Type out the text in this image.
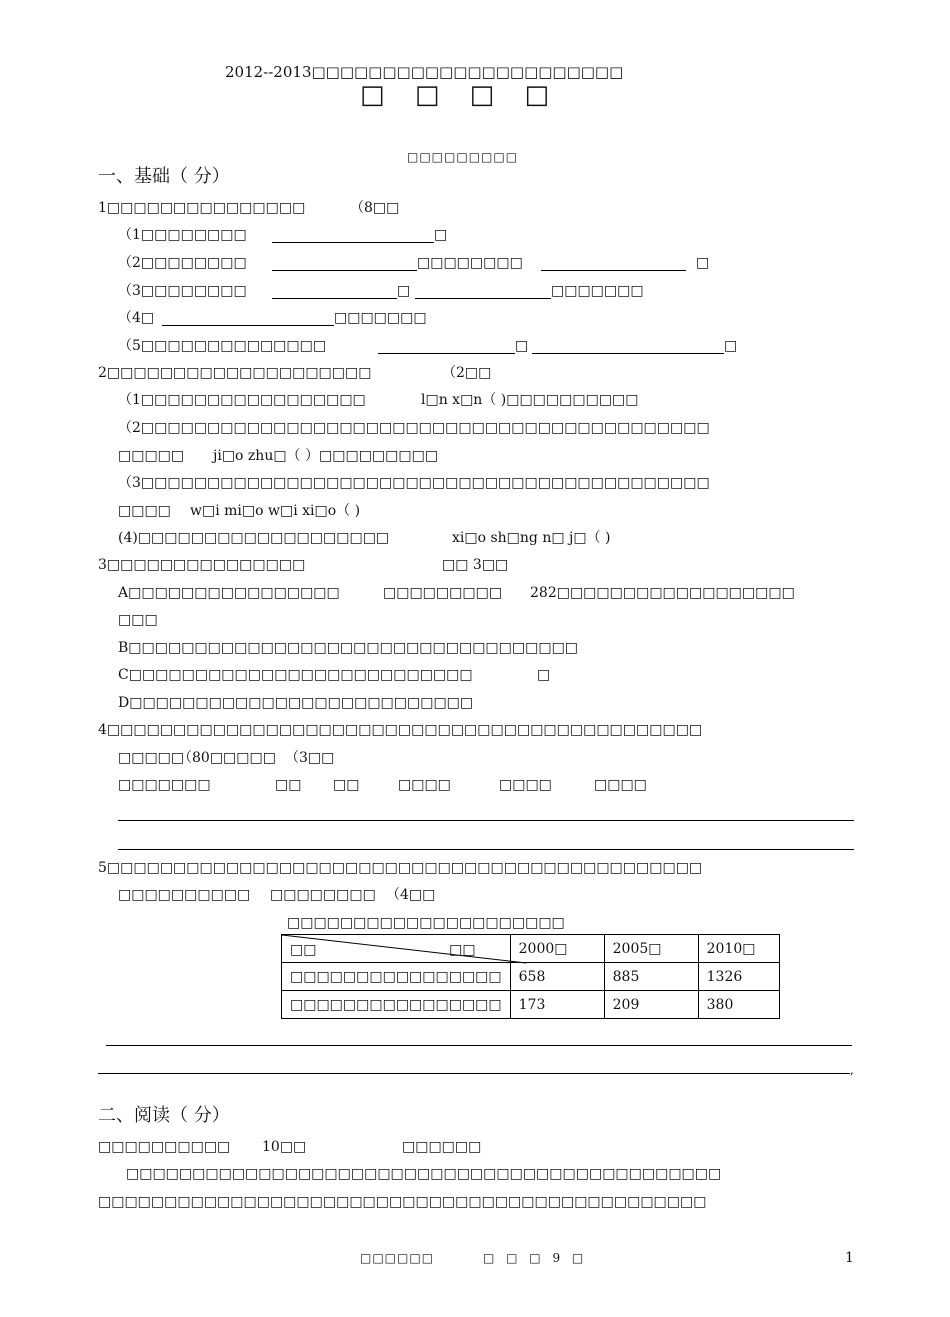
2012--2013□□□□□□□□□□□□□□□□□□□□□□
□ □ □ □
□□□□□□□□□
一、基础（ 分）
1□□□□□□□□□□□□□□□	（8□□
（1□□□□□□□□	□
（2□□□□□□□□	□□□□□□□□	□
（3□□□□□□□□	□	□□□□□□□
（4□	□□□□□□□
（5□□□□□□□□□□□□□□	□	□
2□□□□□□□□□□□□□□□□□□□□	（2□□
（1□□□□□□□□□□□□□□□□□	l□n x□n（ )□□□□□□□□□□
（2□□□□□□□□□□□□□□□□□□□□□□□□□□□□□□□□□□□□□□□□□□□
□□□□□ ji□o zhu□（ ）□□□□□□□□□
（3□□□□□□□□□□□□□□□□□□□□□□□□□□□□□□□□□□□□□□□□□□□
□□□□ w□i mi□o w□i xi□o（ )
(4)□□□□□□□□□□□□□□□□□□□	xi□o sh□ng n□ j□（ )
3□□□□□□□□□□□□□□□	□□ 3□□
A□□□□□□□□□□□□□□□□	□□□□□□□□□ 282□□□□□□□□□□□□□□□□□□
□□□
B□□□□□□□□□□□□□□□□□□□□□□□□□□□□□□□□□□
C□□□□□□□□□□□□□□□□□□□□□□□□□□	□
D□□□□□□□□□□□□□□□□□□□□□□□□□□
4□□□□□□□□□□□□□□□□□□□□□□□□□□□□□□□□□□□□□□□□□□□□□
□□□□□
（80□□□□□ （3□□
□□□□□□□	□□ □□	□□□□	□□□□	□□□□
5□□□□□□□□□□□□□□□□□□□□□□□□□□□□□□□□□□□□□□□□□□□□□
□□□□□□□□□□ □□□□□□□□ （4□□
□□□□□□□□□□□□□□□□□□□□□
□□ □□	2000□	2005□	2010□
□□□□□□□□□□□□□□□□	658	885	1326
□□□□□□□□□□□□□□□□	173	209	380
,
二、阅读（ 分）
□□□□□□□□□□ 10□□	□□□□□□
□□□□□□□□□□□□□□□□□□□□□□□□□□□□□□□□□□□□□□□□□□□□□
□□□□□□□□□□□□□□□□□□□□□□□□□□□□□□□□□□□□□□□□□□□□□□
□□□□□□	□ □ □ 9 □	1
